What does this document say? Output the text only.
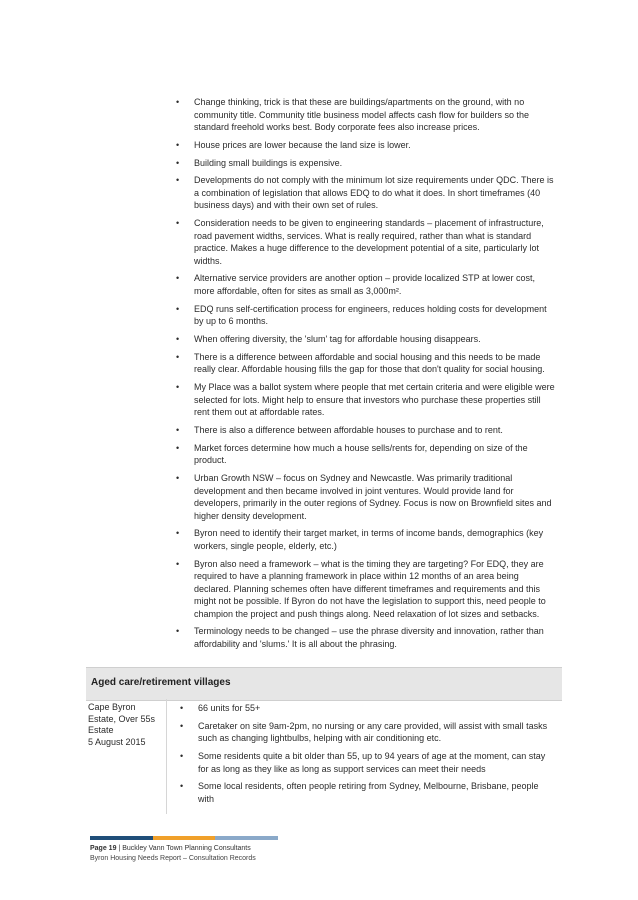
• Change thinking, trick is that these are buildings/apartments on the ground, with no community title. Community title business model affects cash flow for builders so the standard freehold works best. Body corporate fees also increase prices.
• House prices are lower because the land size is lower.
• Building small buildings is expensive.
• Developments do not comply with the minimum lot size requirements under QDC. There is a combination of legislation that allows EDQ to do what it does. In short timeframes (40 business days) and with their own set of rules.
• Consideration needs to be given to engineering standards – placement of infrastructure, road pavement widths, services. What is really required, rather than what is standard practice. Makes a huge difference to the development potential of a site, particularly lot widths.
• Alternative service providers are another option – provide localized STP at lower cost, more affordable, often for sites as small as 3,000m².
• EDQ runs self-certification process for engineers, reduces holding costs for development by up to 6 months.
• When offering diversity, the 'slum' tag for affordable housing disappears.
• There is a difference between affordable and social housing and this needs to be made really clear. Affordable housing fills the gap for those that don't quality for social housing.
• My Place was a ballot system where people that met certain criteria and were eligible were selected for lots. Might help to ensure that investors who purchase these properties still rent them out at affordable rates.
• There is also a difference between affordable houses to purchase and to rent.
• Market forces determine how much a house sells/rents for, depending on size of the product.
• Urban Growth NSW – focus on Sydney and Newcastle. Was primarily traditional development and then became involved in joint ventures. Would provide land for developers, primarily in the outer regions of Sydney. Focus is now on Brownfield sites and higher density development.
• Byron need to identify their target market, in terms of income bands, demographics (key workers, single people, elderly, etc.)
• Byron also need a framework – what is the timing they are targeting? For EDQ, they are required to have a planning framework in place within 12 months of an area being declared. Planning schemes often have different timeframes and requirements and this might not be possible. If Byron do not have the legislation to support this, need people to champion the project and push things along. Need relaxation of lot sizes and setbacks.
• Terminology needs to be changed – use the phrase diversity and innovation, rather than affordability and 'slums.' It is all about the phrasing.
Aged care/retirement villages
Cape Byron
Estate, Over 55s
Estate
5 August 2015
• 66 units for 55+
• Caretaker on site 9am-2pm, no nursing or any care provided, will assist with small tasks such as changing lightbulbs, helping with air conditioning etc.
• Some residents quite a bit older than 55, up to 94 years of age at the moment, can stay for as long as they like as long as support services can meet their needs
• Some local residents, often people retiring from Sydney, Melbourne, Brisbane, people with
Page 19 | Buckley Vann Town Planning Consultants
Byron Housing Needs Report – Consultation Records
